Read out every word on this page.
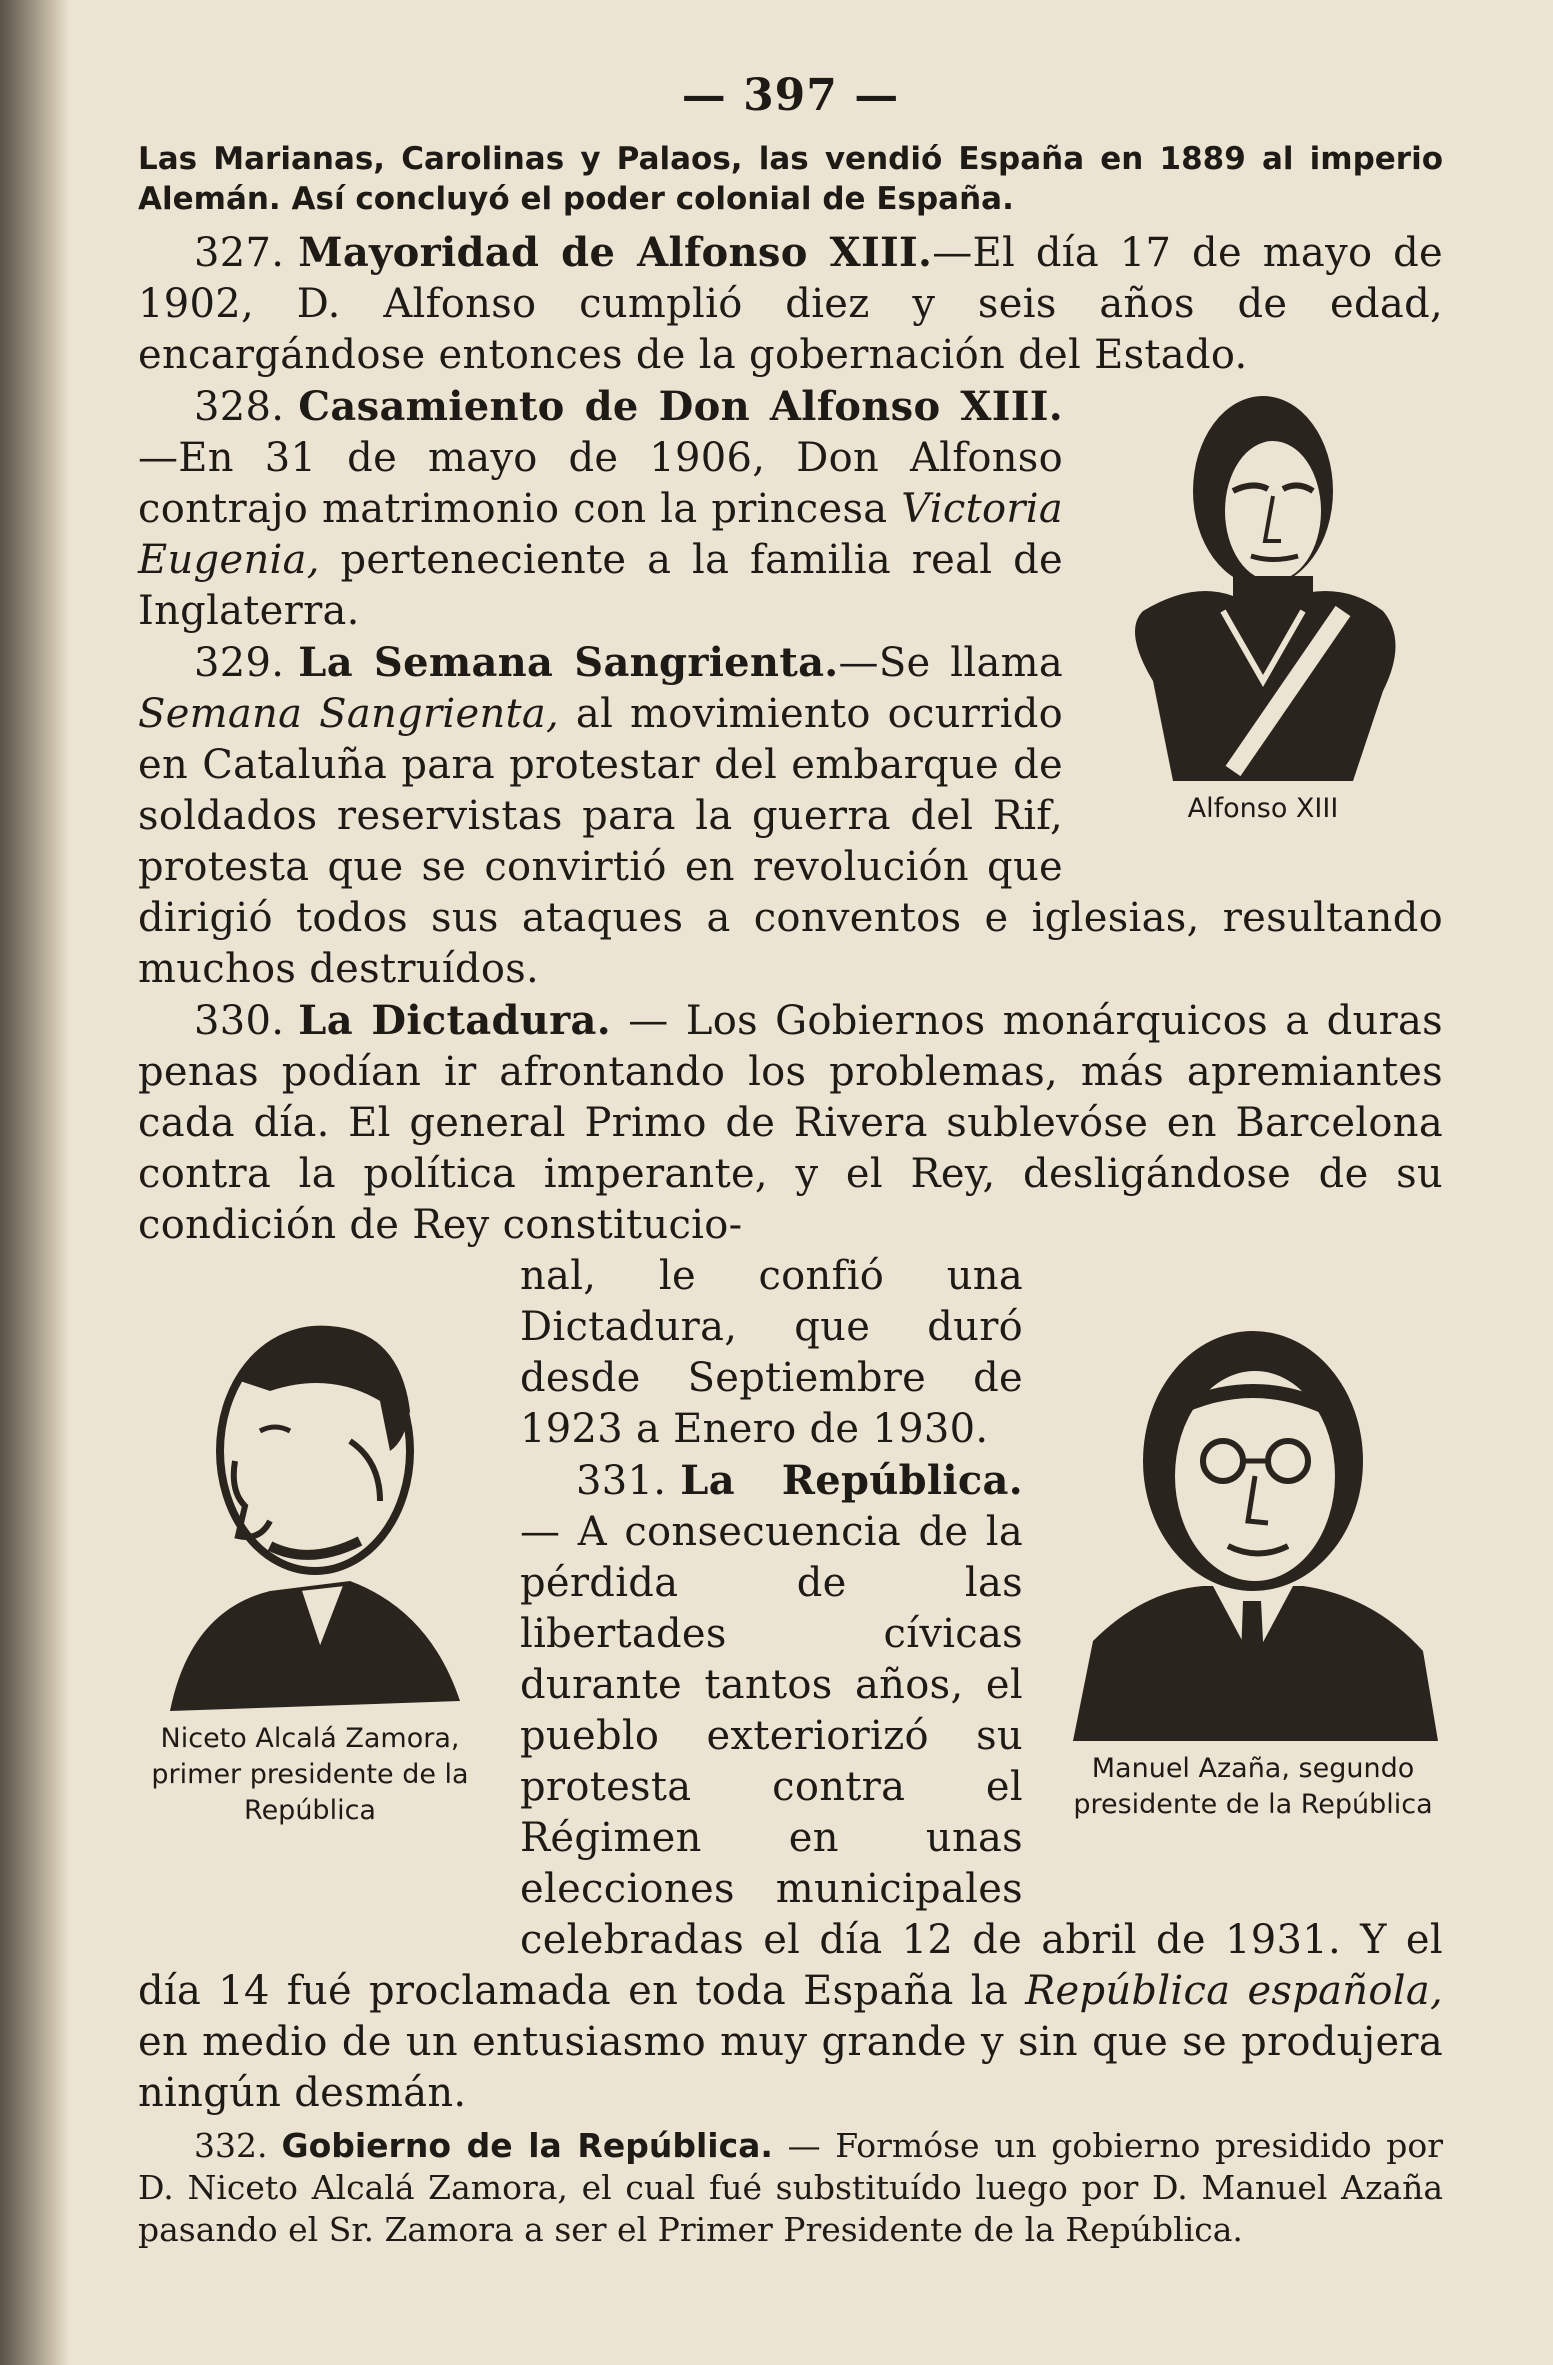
— 397 —

Las Marianas, Carolinas y Palaos, las vendió España en 1889 al imperio Alemán. Así concluyó el poder colonial de España.

327. Mayoridad de Alfonso XIII.—El día 17 de mayo de 1902, D. Alfonso cumplió diez y seis años de edad, encargándose entonces de la gobernación del Estado.

Alfonso XIII

328. Casamiento de Don Alfonso XIII.—En 31 de mayo de 1906, Don Alfonso contrajo matrimonio con la princesa Victoria Eugenia, perteneciente a la familia real de Inglaterra.

329. La Semana Sangrienta.—Se llama Semana Sangrienta, al movimiento ocurrido en Cataluña para protestar del embarque de soldados reservistas para la guerra del Rif, protesta que se convirtió en revolución que dirigió todos sus ataques a conventos e iglesias, resultando muchos destruídos.

330. La Dictadura. — Los Gobiernos monárquicos a duras penas podían ir afrontando los problemas, más apremiantes cada día. El general Primo de Rivera sublevóse en Barcelona contra la política imperante, y el Rey, desligándose de su condición de Rey constitucio-

Niceto Alcalá Zamora, primer presidente de la República
Manuel Azaña, segundo presidente de la República

nal, le confió una Dictadura, que duró desde Septiembre de 1923 a Enero de 1930.

331. La República. — A consecuencia de la pérdida de las libertades cívicas durante tantos años, el pueblo exteriorizó su protesta contra el Régimen en unas elecciones municipales celebradas el día 12 de abril de 1931. Y el día 14 fué proclamada en toda España la República española, en medio de un entusiasmo muy grande y sin que se produjera ningún desmán.

332. Gobierno de la República. — Formóse un gobierno presidido por D. Niceto Alcalá Zamora, el cual fué substituído luego por D. Manuel Azaña pasando el Sr. Zamora a ser el Primer Presidente de la República.
